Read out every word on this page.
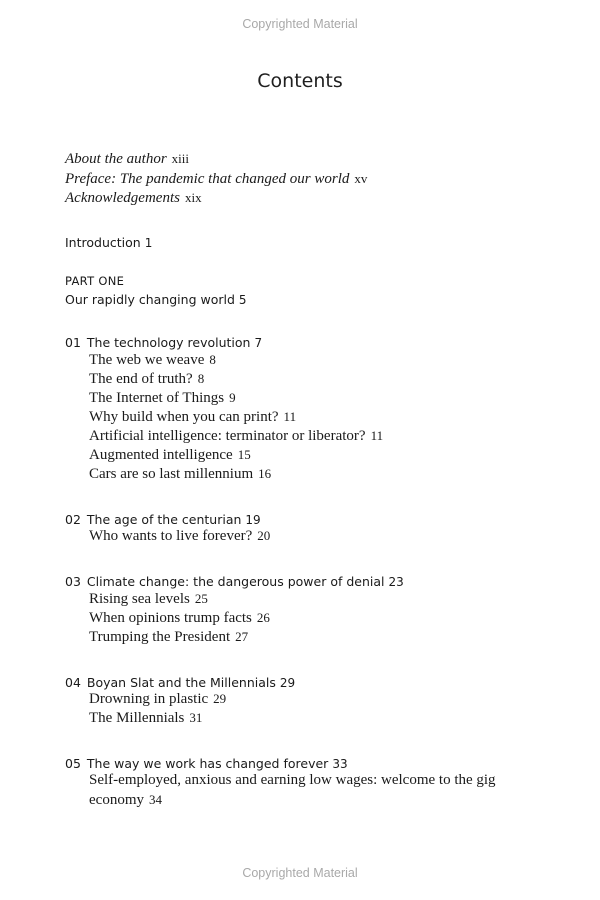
Copyrighted Material
Contents
About the author xiii
Preface: The pandemic that changed our world xv
Acknowledgements xix
Introduction 1
PART ONE
Our rapidly changing world 5
01 The technology revolution 7
The web we weave 8
The end of truth? 8
The Internet of Things 9
Why build when you can print? 11
Artificial intelligence: terminator or liberator? 11
Augmented intelligence 15
Cars are so last millennium 16
02 The age of the centurian 19
Who wants to live forever? 20
03 Climate change: the dangerous power of denial 23
Rising sea levels 25
When opinions trump facts 26
Trumping the President 27
04 Boyan Slat and the Millennials 29
Drowning in plastic 29
The Millennials 31
05 The way we work has changed forever 33
Self-employed, anxious and earning low wages: welcome to the gig
economy 34
Copyrighted Material
